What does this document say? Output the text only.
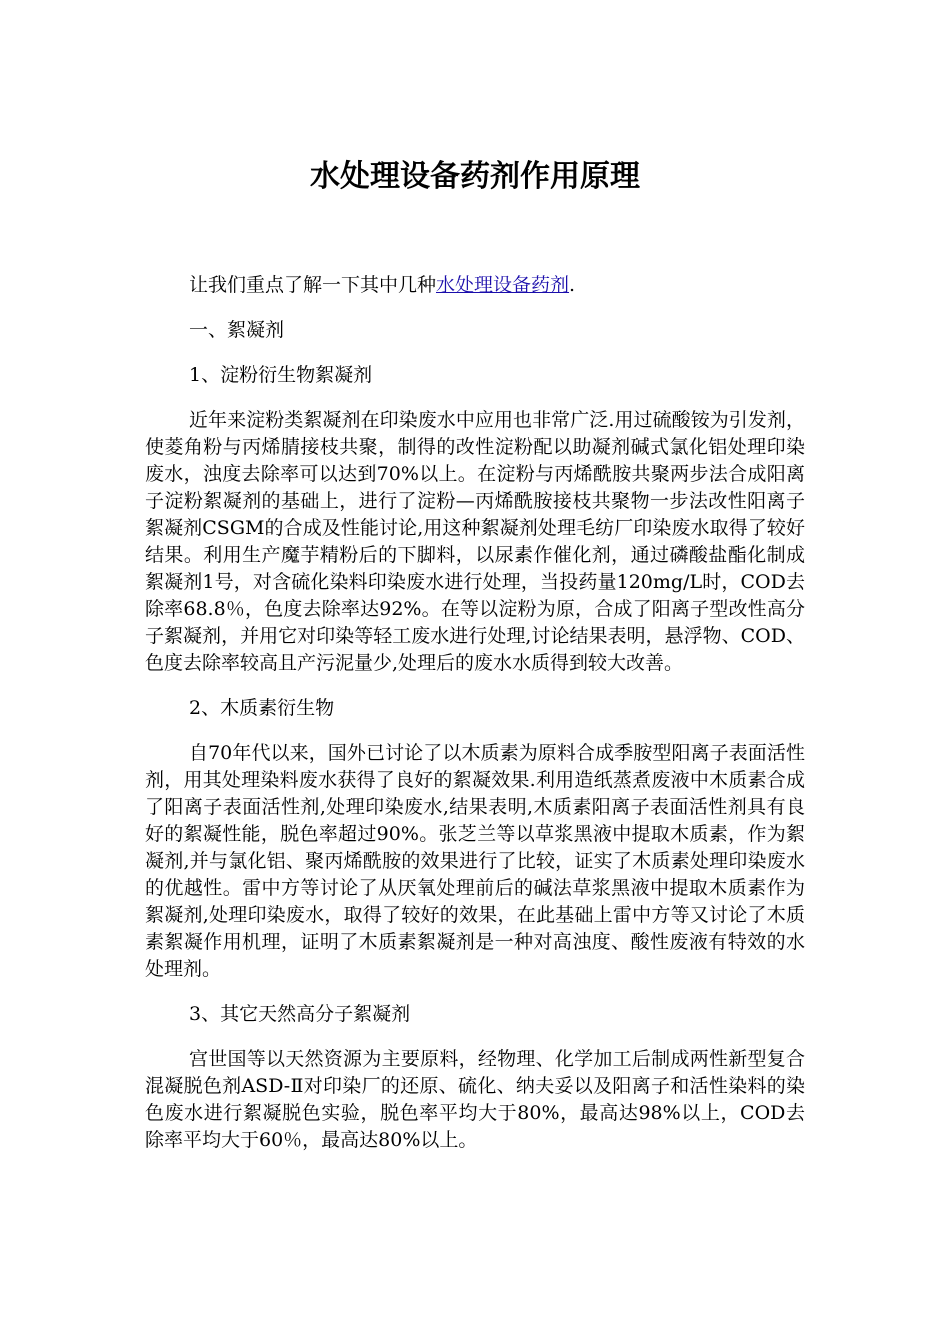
水处理设备药剂作用原理

让我们重点了解一下其中几种水处理设备药剂.

一、絮凝剂

1、淀粉衍生物絮凝剂

近年来淀粉类絮凝剂在印染废水中应用也非常广泛.用过硫酸铵为引发剂，使菱角粉与丙烯腈接枝共聚，制得的改性淀粉配以助凝剂碱式氯化铝处理印染废水，浊度去除率可以达到70%以上。在淀粉与丙烯酰胺共聚两步法合成阳离子淀粉絮凝剂的基础上，进行了淀粉—丙烯酰胺接枝共聚物一步法改性阳离子絮凝剂CSGM的合成及性能讨论,用这种絮凝剂处理毛纺厂印染废水取得了较好结果。利用生产魔芋精粉后的下脚料，以尿素作催化剂，通过磷酸盐酯化制成絮凝剂1号，对含硫化染料印染废水进行处理，当投药量120mg/L时，COD去除率68.8％，色度去除率达92%。在等以淀粉为原，合成了阳离子型改性高分子絮凝剂，并用它对印染等轻工废水进行处理,讨论结果表明，悬浮物、COD、色度去除率较高且产污泥量少,处理后的废水水质得到较大改善。

2、木质素衍生物

自70年代以来，国外已讨论了以木质素为原料合成季胺型阳离子表面活性剂，用其处理染料废水获得了良好的絮凝效果.利用造纸蒸煮废液中木质素合成了阳离子表面活性剂,处理印染废水,结果表明,木质素阳离子表面活性剂具有良好的絮凝性能，脱色率超过90%。张芝兰等以草浆黑液中提取木质素，作为絮凝剂,并与氯化铝、聚丙烯酰胺的效果进行了比较，证实了木质素处理印染废水的优越性。雷中方等讨论了从厌氧处理前后的碱法草浆黑液中提取木质素作为絮凝剂,处理印染废水，取得了较好的效果，在此基础上雷中方等又讨论了木质素絮凝作用机理，证明了木质素絮凝剂是一种对高浊度、酸性废液有特效的水处理剂。

3、其它天然高分子絮凝剂

宫世国等以天然资源为主要原料，经物理、化学加工后制成两性新型复合混凝脱色剂ASD-Ⅱ对印染厂的还原、硫化、纳夫妥以及阳离子和活性染料的染色废水进行絮凝脱色实验，脱色率平均大于80%，最高达98%以上，COD去除率平均大于60％，最高达80%以上。
